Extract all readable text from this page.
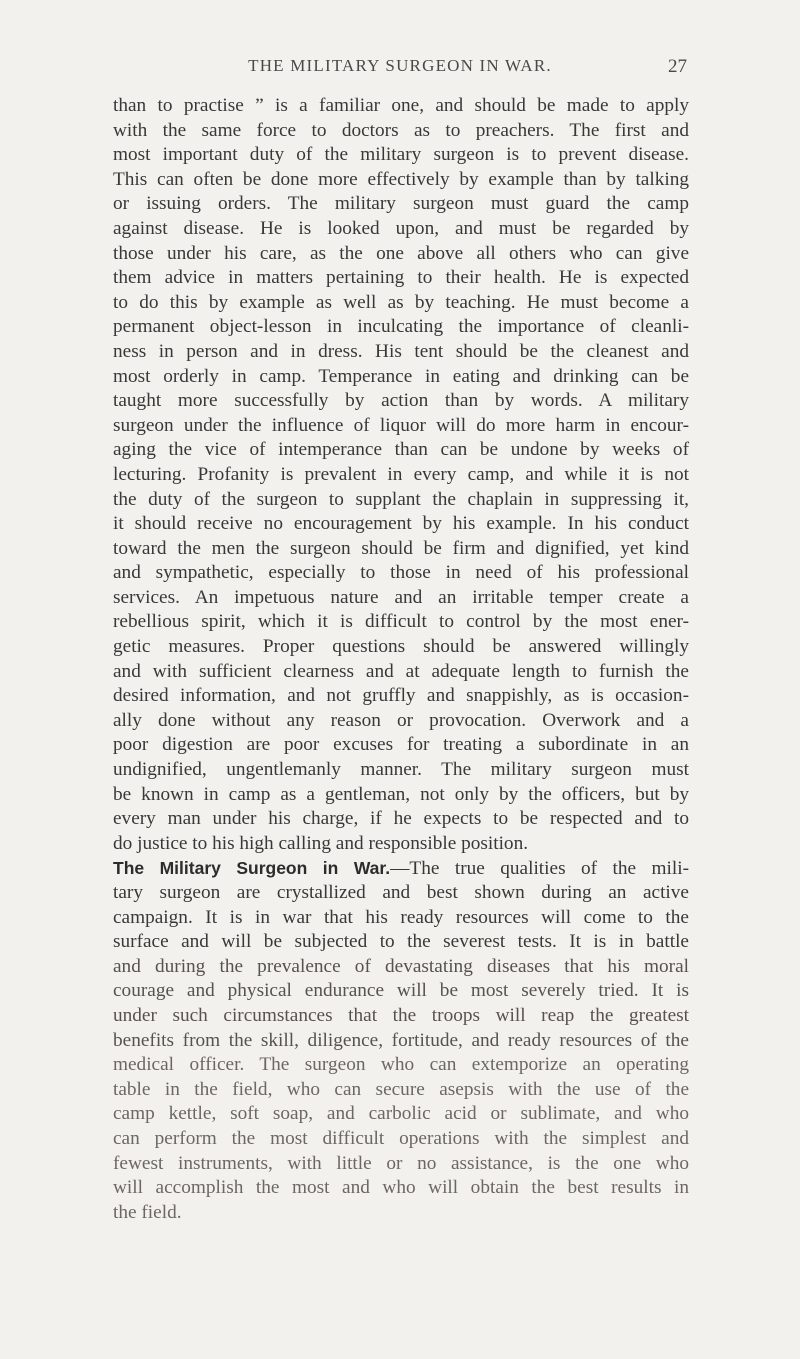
THE MILITARY SURGEON IN WAR.	27
than to practise ” is a familiar one, and should be made to apply
with the same force to doctors as to preachers. The first and
most important duty of the military surgeon is to prevent disease.
This can often be done more effectively by example than by talking
or issuing orders. The military surgeon must guard the camp
against disease. He is looked upon, and must be regarded by
those under his care, as the one above all others who can give
them advice in matters pertaining to their health. He is expected
to do this by example as well as by teaching. He must become a
permanent object-lesson in inculcating the importance of cleanli-
ness in person and in dress. His tent should be the cleanest and
most orderly in camp. Temperance in eating and drinking can be
taught more successfully by action than by words. A military
surgeon under the influence of liquor will do more harm in encour-
aging the vice of intemperance than can be undone by weeks of
lecturing. Profanity is prevalent in every camp, and while it is not
the duty of the surgeon to supplant the chaplain in suppressing it,
it should receive no encouragement by his example. In his conduct
toward the men the surgeon should be firm and dignified, yet kind
and sympathetic, especially to those in need of his professional
services. An impetuous nature and an irritable temper create a
rebellious spirit, which it is difficult to control by the most ener-
getic measures. Proper questions should be answered willingly
and with sufficient clearness and at adequate length to furnish the
desired information, and not gruffly and snappishly, as is occasion-
ally done without any reason or provocation. Overwork and a
poor digestion are poor excuses for treating a subordinate in an
undignified, ungentlemanly manner. The military surgeon must
be known in camp as a gentleman, not only by the officers, but by
every man under his charge, if he expects to be respected and to
do justice to his high calling and responsible position.
The Military Surgeon in War.—The true qualities of the mili-
tary surgeon are crystallized and best shown during an active
campaign. It is in war that his ready resources will come to the
surface and will be subjected to the severest tests. It is in battle
and during the prevalence of devastating diseases that his moral
courage and physical endurance will be most severely tried. It is
under such circumstances that the troops will reap the greatest
benefits from the skill, diligence, fortitude, and ready resources of the
medical officer. The surgeon who can extemporize an operating
table in the field, who can secure asepsis with the use of the
camp kettle, soft soap, and carbolic acid or sublimate, and who
can perform the most difficult operations with the simplest and
fewest instruments, with little or no assistance, is the one who
will accomplish the most and who will obtain the best results in
the field.
